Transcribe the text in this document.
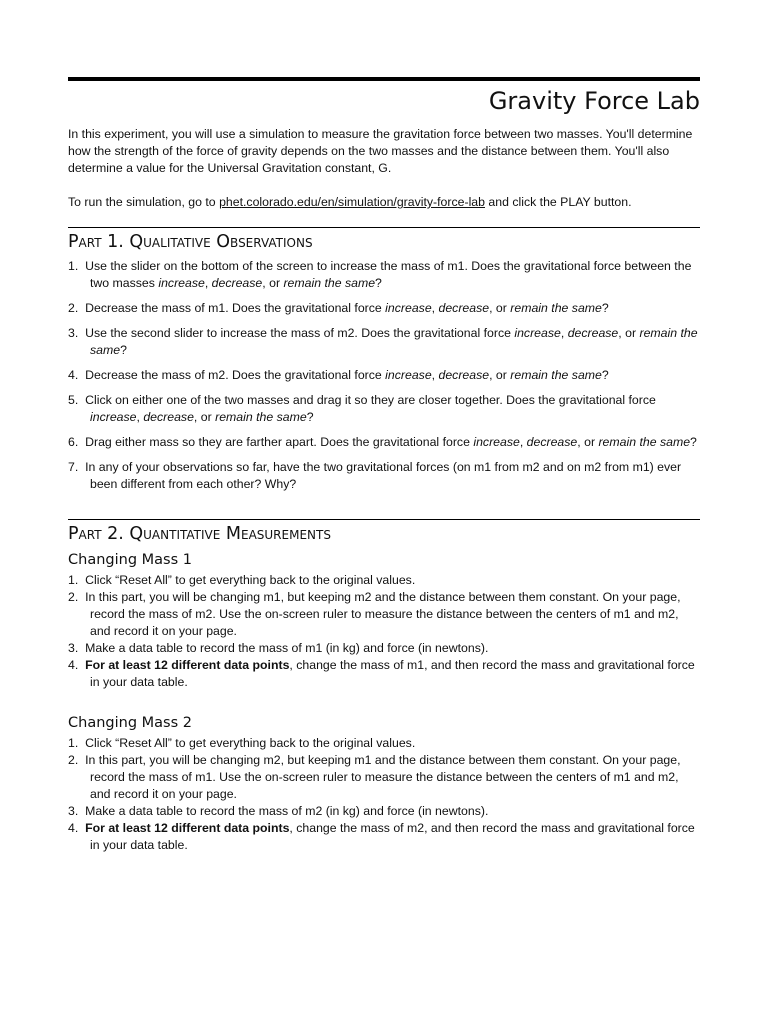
Gravity Force Lab

In this experiment, you will use a simulation to measure the gravitation force between two masses. You'll determine how the strength of the force of gravity depends on the two masses and the distance between them. You'll also determine a value for the Universal Gravitation constant, G.

To run the simulation, go to phet.colorado.edu/en/simulation/gravity-force-lab and click the PLAY button.

Part 1. Qualitative Observations
1. Use the slider on the bottom of the screen to increase the mass of m1. Does the gravitational force between the two masses increase, decrease, or remain the same?
2. Decrease the mass of m1. Does the gravitational force increase, decrease, or remain the same?
3. Use the second slider to increase the mass of m2. Does the gravitational force increase, decrease, or remain the same?
4. Decrease the mass of m2. Does the gravitational force increase, decrease, or remain the same?
5. Click on either one of the two masses and drag it so they are closer together. Does the gravitational force increase, decrease, or remain the same?
6. Drag either mass so they are farther apart. Does the gravitational force increase, decrease, or remain the same?
7. In any of your observations so far, have the two gravitational forces (on m1 from m2 and on m2 from m1) ever been different from each other? Why?
Part 2. Quantitative Measurements
Changing Mass 1
1. Click “Reset All” to get everything back to the original values.
2. In this part, you will be changing m1, but keeping m2 and the distance between them constant. On your page, record the mass of m2. Use the on-screen ruler to measure the distance between the centers of m1 and m2, and record it on your page.
3. Make a data table to record the mass of m1 (in kg) and force (in newtons).
4. For at least 12 different data points, change the mass of m1, and then record the mass and gravitational force in your data table.
Changing Mass 2
1. Click “Reset All” to get everything back to the original values.
2. In this part, you will be changing m2, but keeping m1 and the distance between them constant. On your page, record the mass of m1. Use the on-screen ruler to measure the distance between the centers of m1 and m2, and record it on your page.
3. Make a data table to record the mass of m2 (in kg) and force (in newtons).
4. For at least 12 different data points, change the mass of m2, and then record the mass and gravitational force in your data table.
